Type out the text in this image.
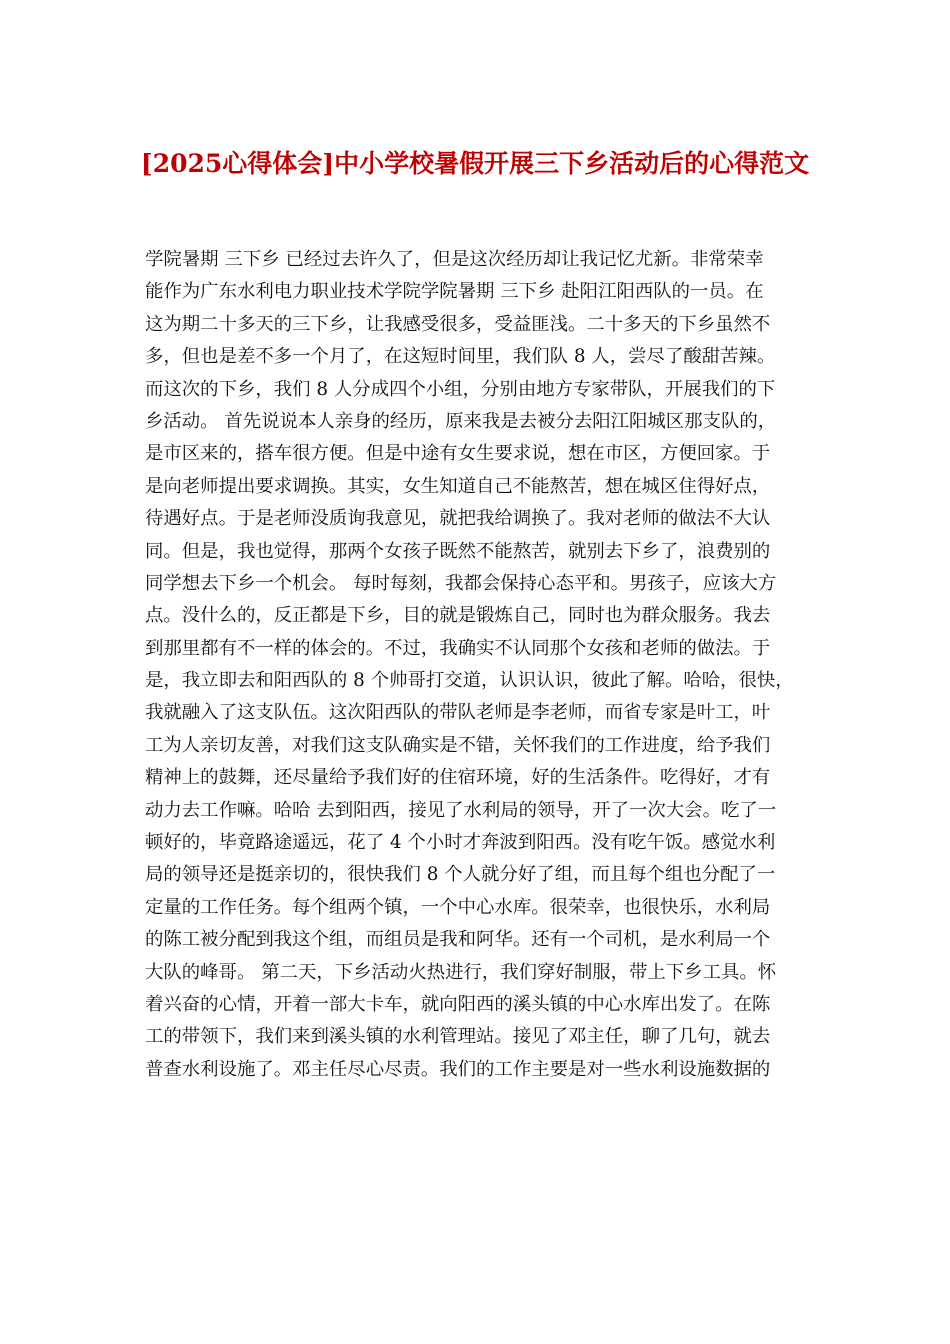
[2025心得体会]中小学校暑假开展三下乡活动后的心得范文
学院暑期 三下乡 已经过去许久了，但是这次经历却让我记忆尤新。非常荣幸
能作为广东水利电力职业技术学院学院暑期 三下乡 赴阳江阳西队的一员。在
这为期二十多天的三下乡，让我感受很多，受益匪浅。二十多天的下乡虽然不
多，但也是差不多一个月了，在这短时间里，我们队 8 人，尝尽了酸甜苦辣。
而这次的下乡，我们 8 人分成四个小组，分别由地方专家带队，开展我们的下
乡活动。 首先说说本人亲身的经历，原来我是去被分去阳江阳城区那支队的，
是市区来的，搭车很方便。但是中途有女生要求说，想在市区，方便回家。于
是向老师提出要求调换。其实，女生知道自己不能熬苦，想在城区住得好点，
待遇好点。于是老师没质询我意见，就把我给调换了。我对老师的做法不大认
同。但是，我也觉得，那两个女孩子既然不能熬苦，就别去下乡了，浪费别的
同学想去下乡一个机会。 每时每刻，我都会保持心态平和。男孩子，应该大方
点。没什么的，反正都是下乡，目的就是锻炼自己，同时也为群众服务。我去
到那里都有不一样的体会的。不过，我确实不认同那个女孩和老师的做法。于
是，我立即去和阳西队的 8 个帅哥打交道，认识认识，彼此了解。哈哈，很快，
我就融入了这支队伍。这次阳西队的带队老师是李老师，而省专家是叶工，叶
工为人亲切友善，对我们这支队确实是不错，关怀我们的工作进度，给予我们
精神上的鼓舞，还尽量给予我们好的住宿环境，好的生活条件。吃得好，才有
动力去工作嘛。哈哈 去到阳西，接见了水利局的领导，开了一次大会。吃了一
顿好的，毕竟路途遥远，花了 4 个小时才奔波到阳西。没有吃午饭。感觉水利
局的领导还是挺亲切的，很快我们 8 个人就分好了组，而且每个组也分配了一
定量的工作任务。每个组两个镇，一个中心水库。很荣幸，也很快乐，水利局
的陈工被分配到我这个组，而组员是我和阿华。还有一个司机，是水利局一个
大队的峰哥。 第二天，下乡活动火热进行，我们穿好制服，带上下乡工具。怀
着兴奋的心情，开着一部大卡车，就向阳西的溪头镇的中心水库出发了。在陈
工的带领下，我们来到溪头镇的水利管理站。接见了邓主任，聊了几句，就去
普查水利设施了。邓主任尽心尽责。我们的工作主要是对一些水利设施数据的
